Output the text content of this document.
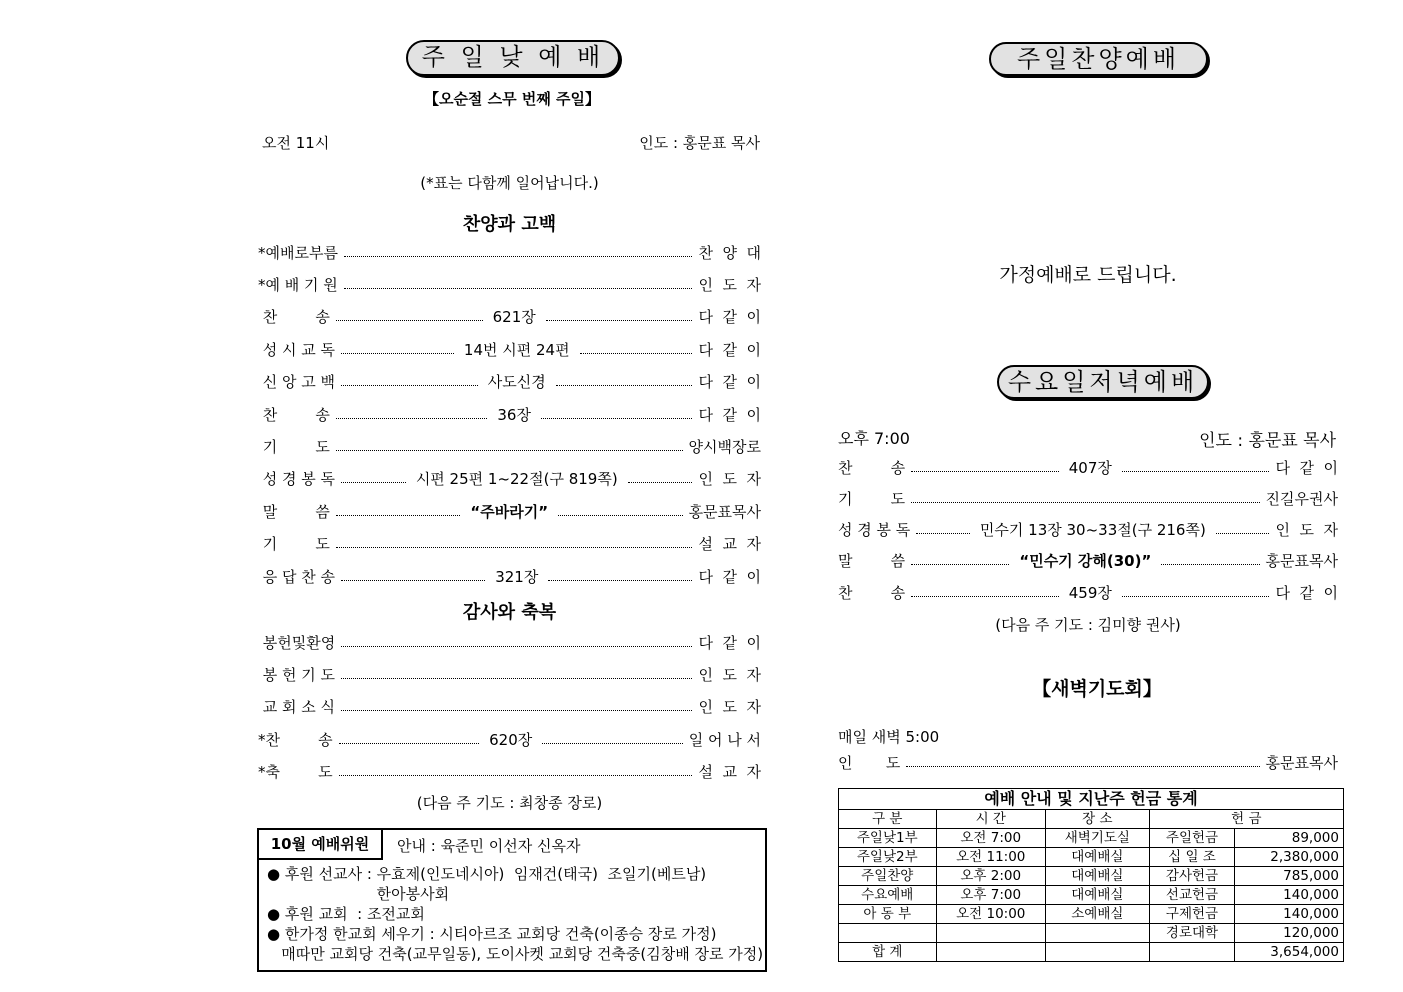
주 일 낮 예 배
【오순절 스무 번째 주일】
오전 11시	인도 : 홍문표 목사
(*표는 다함께 일어납니다.)
찬양과 고백
*예배로부름	찬  양  대
*예 배 기 원	인  도  자
찬        송	621장	다  같  이
성 시 교 독	14번 시편 24편	다  같  이
신 앙 고 백	사도신경	다  같  이
찬        송	36장	다  같  이
기        도	양시백장로
성 경 봉 독	시편 25편 1~22절(구 819쪽)	인  도  자
말        씀	“주바라기”	홍문표목사
기        도	설  교  자
응 답 찬 송	321장	다  같  이
감사와 축복
봉헌및환영	다  같  이
봉 헌 기 도	인  도  자
교 회 소 식	인  도  자
*찬        송	620장	일 어 나 서
*축        도	설  교  자
(다음 주 기도 : 최창종 장로)
10월 예배위원	안내 : 육준민 이선자 신옥자
● 후원 선교사 : 우효제(인도네시아)  임재건(태국)  조일기(베트남)
한아봉사회
● 후원 교회  : 조전교회
● 한가정 한교회 세우기 : 시티아르조 교회당 건축(이종승 장로 가정)
매따만 교회당 건축(교무일동), 도이사켓 교회당 건축중(김창배 장로 가정)
주일찬양예배
가정예배로 드립니다.
수요일저녁예배
오후 7:00	인도 : 홍문표 목사
찬        송	407장	다  같  이
기        도	진길우권사
성 경 봉 독	민수기 13장 30~33절(구 216쪽)	인  도  자
말        씀	“민수기 강해(30)”	홍문표목사
찬        송	459장	다  같  이
(다음 주 기도 : 김미향 권사)
【새벽기도회】
매일 새벽 5:00
인       도	홍문표목사
예배 안내 및 지난주 헌금 통계				
구 분	시 간	장 소	헌 금	
주일낮1부	오전 7:00	새벽기도실	주일헌금	89,000
주일낮2부	오전 11:00	대예배실	십 일 조	2,380,000
주일찬양	오후 2:00	대예배실	감사헌금	785,000
수요예배	오후 7:00	대예배실	선교헌금	140,000
아 동 부	오전 10:00	소예배실	구제헌금	140,000
			경로대학	120,000
합 계				3,654,000
